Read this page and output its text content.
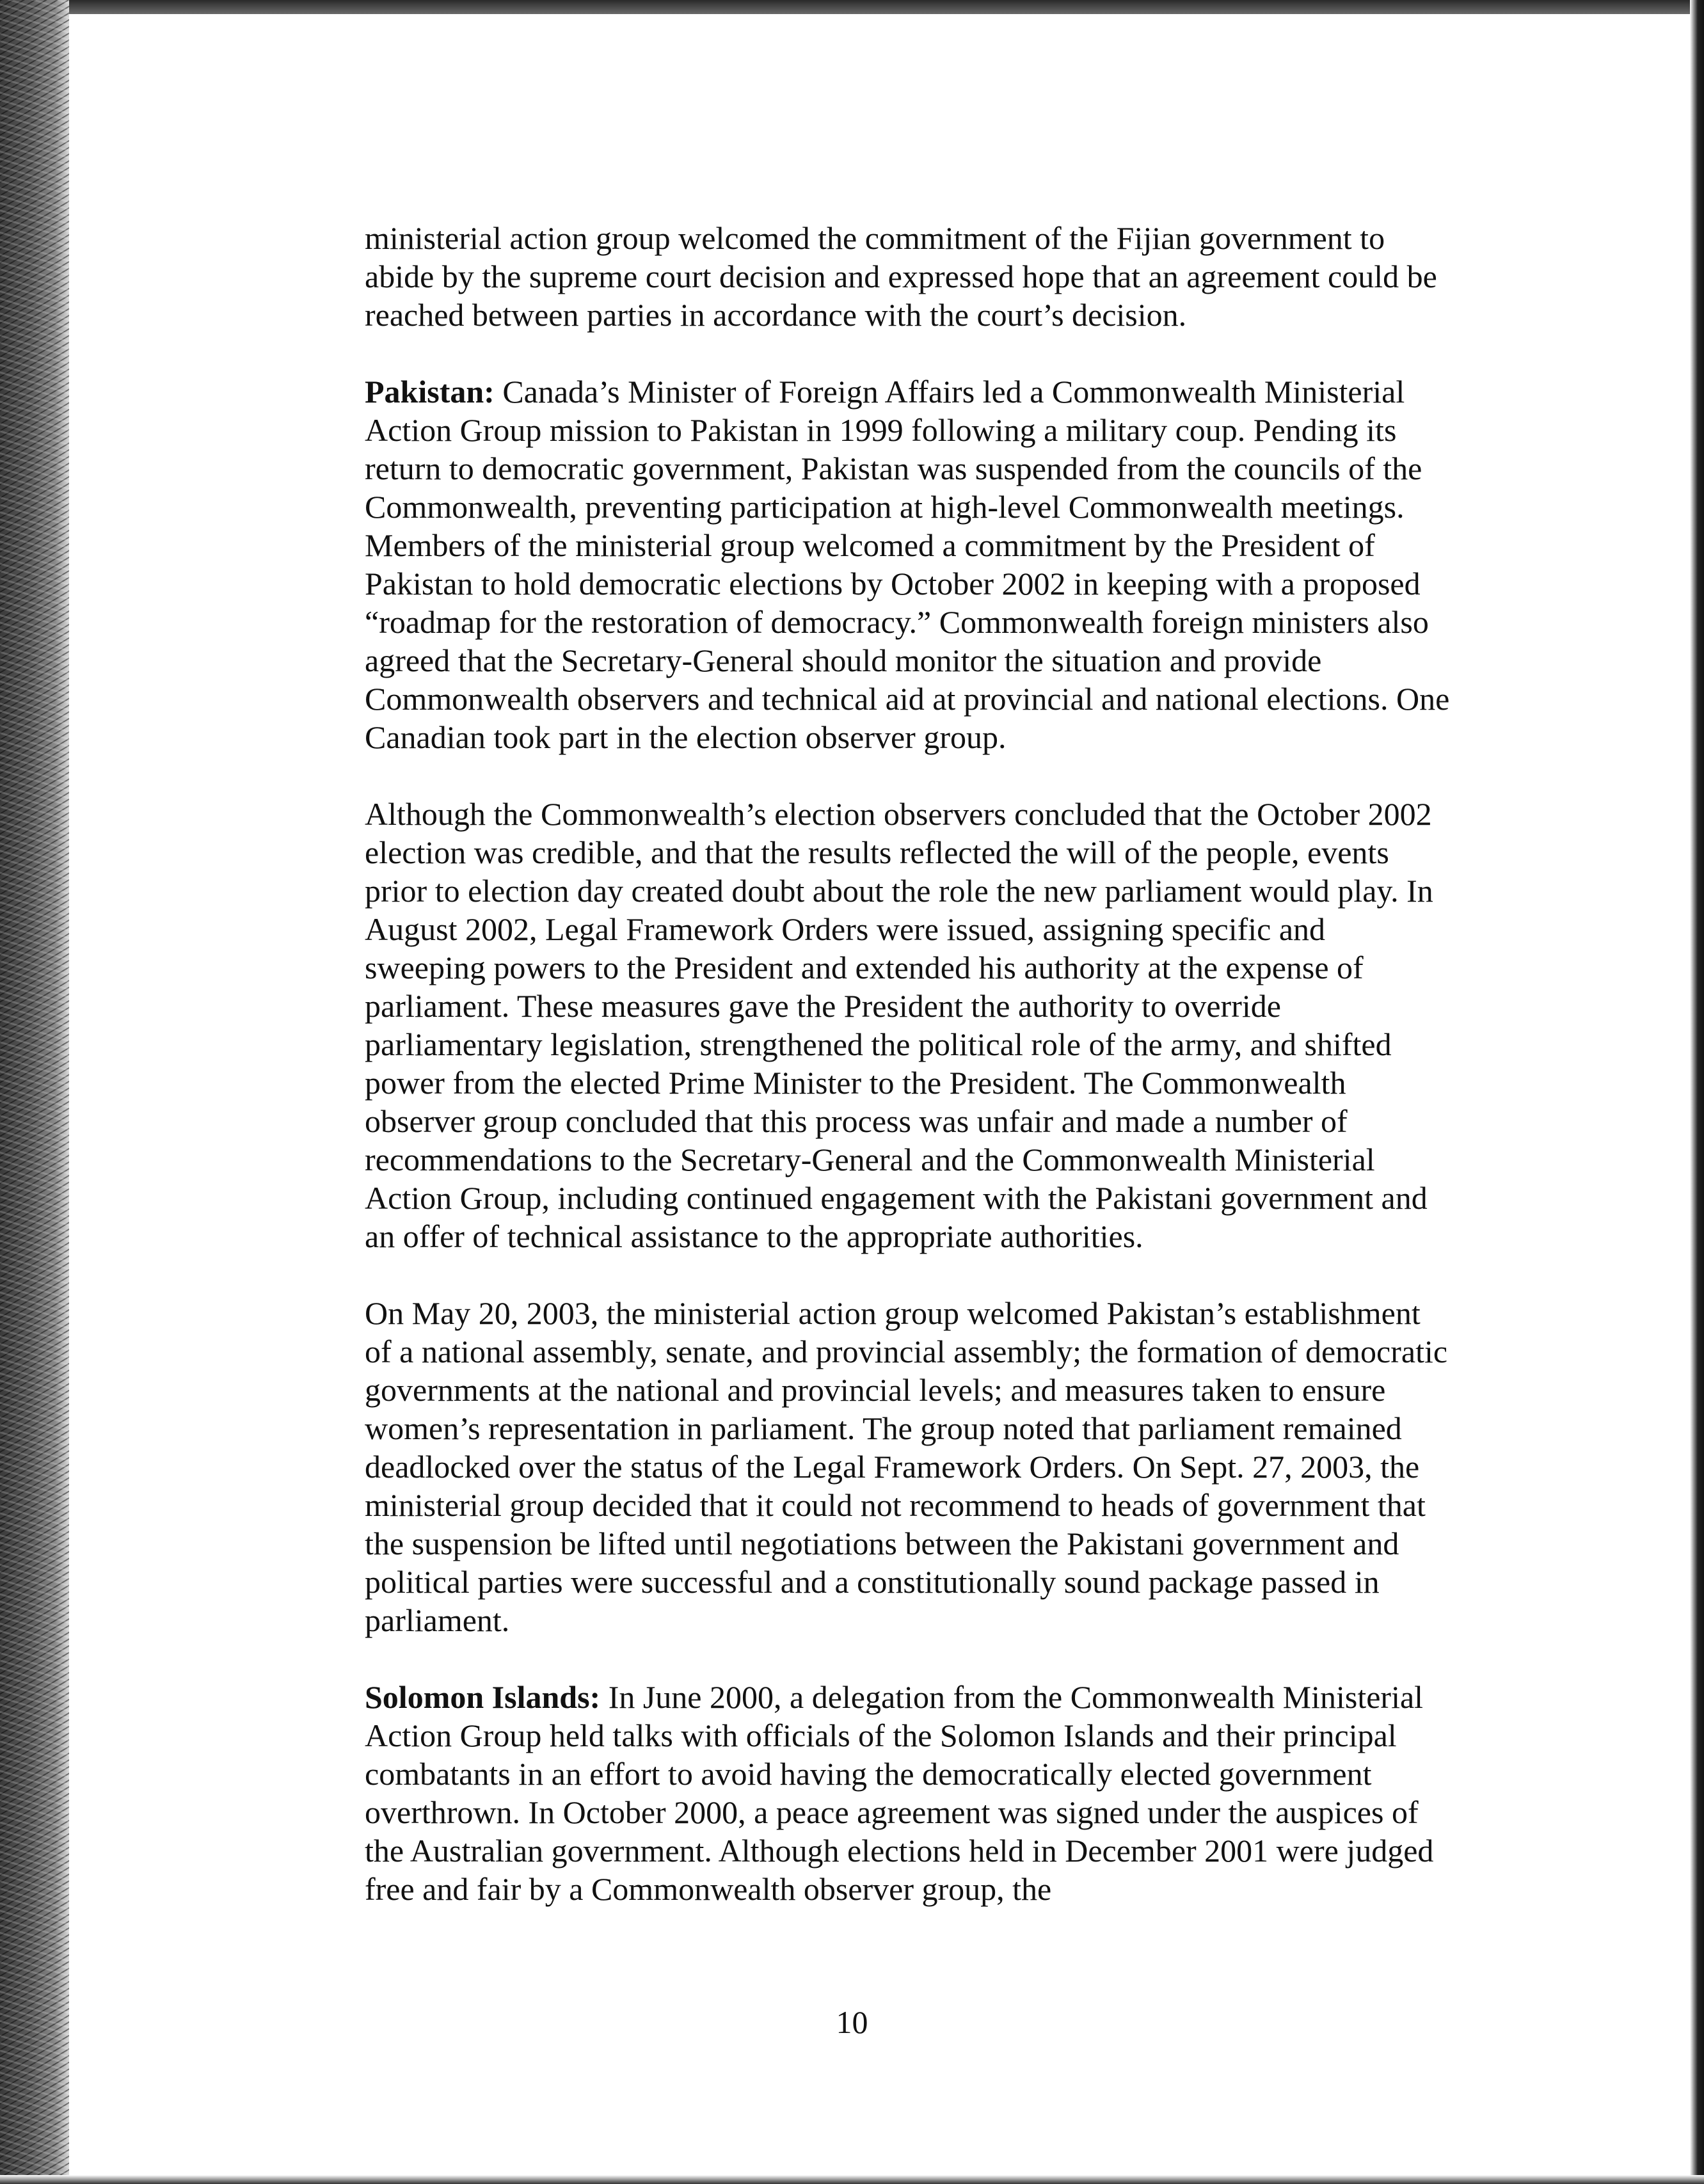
ministerial action group welcomed the commitment of the Fijian government to abide by the supreme court decision and expressed hope that an agreement could be reached between parties in accordance with the court’s decision.

Pakistan: Canada’s Minister of Foreign Affairs led a Commonwealth Ministerial Action Group mission to Pakistan in 1999 following a military coup. Pending its return to democratic government, Pakistan was suspended from the councils of the Commonwealth, preventing participation at high-level Commonwealth meetings. Members of the ministerial group welcomed a commitment by the President of Pakistan to hold democratic elections by October 2002 in keeping with a proposed “roadmap for the restoration of democracy.” Commonwealth foreign ministers also agreed that the Secretary-General should monitor the situation and provide Commonwealth observers and technical aid at provincial and national elections. One Canadian took part in the election observer group.

Although the Commonwealth’s election observers concluded that the October 2002 election was credible, and that the results reflected the will of the people, events prior to election day created doubt about the role the new parliament would play. In August 2002, Legal Framework Orders were issued, assigning specific and sweeping powers to the President and extended his authority at the expense of parliament. These measures gave the President the authority to override parliamentary legislation, strengthened the political role of the army, and shifted power from the elected Prime Minister to the President. The Commonwealth observer group concluded that this process was unfair and made a number of recommendations to the Secretary-General and the Commonwealth Ministerial Action Group, including continued engagement with the Pakistani government and an offer of technical assistance to the appropriate authorities.

On May 20, 2003, the ministerial action group welcomed Pakistan’s establishment of a national assembly, senate, and provincial assembly; the formation of democratic governments at the national and provincial levels; and measures taken to ensure women’s representation in parliament. The group noted that parliament remained deadlocked over the status of the Legal Framework Orders. On Sept. 27, 2003, the ministerial group decided that it could not recommend to heads of government that the suspension be lifted until negotiations between the Pakistani government and political parties were successful and a constitutionally sound package passed in parliament.

Solomon Islands: In June 2000, a delegation from the Commonwealth Ministerial Action Group held talks with officials of the Solomon Islands and their principal combatants in an effort to avoid having the democratically elected government overthrown. In October 2000, a peace agreement was signed under the auspices of the Australian government. Although elections held in December 2001 were judged free and fair by a Commonwealth observer group, the

10
